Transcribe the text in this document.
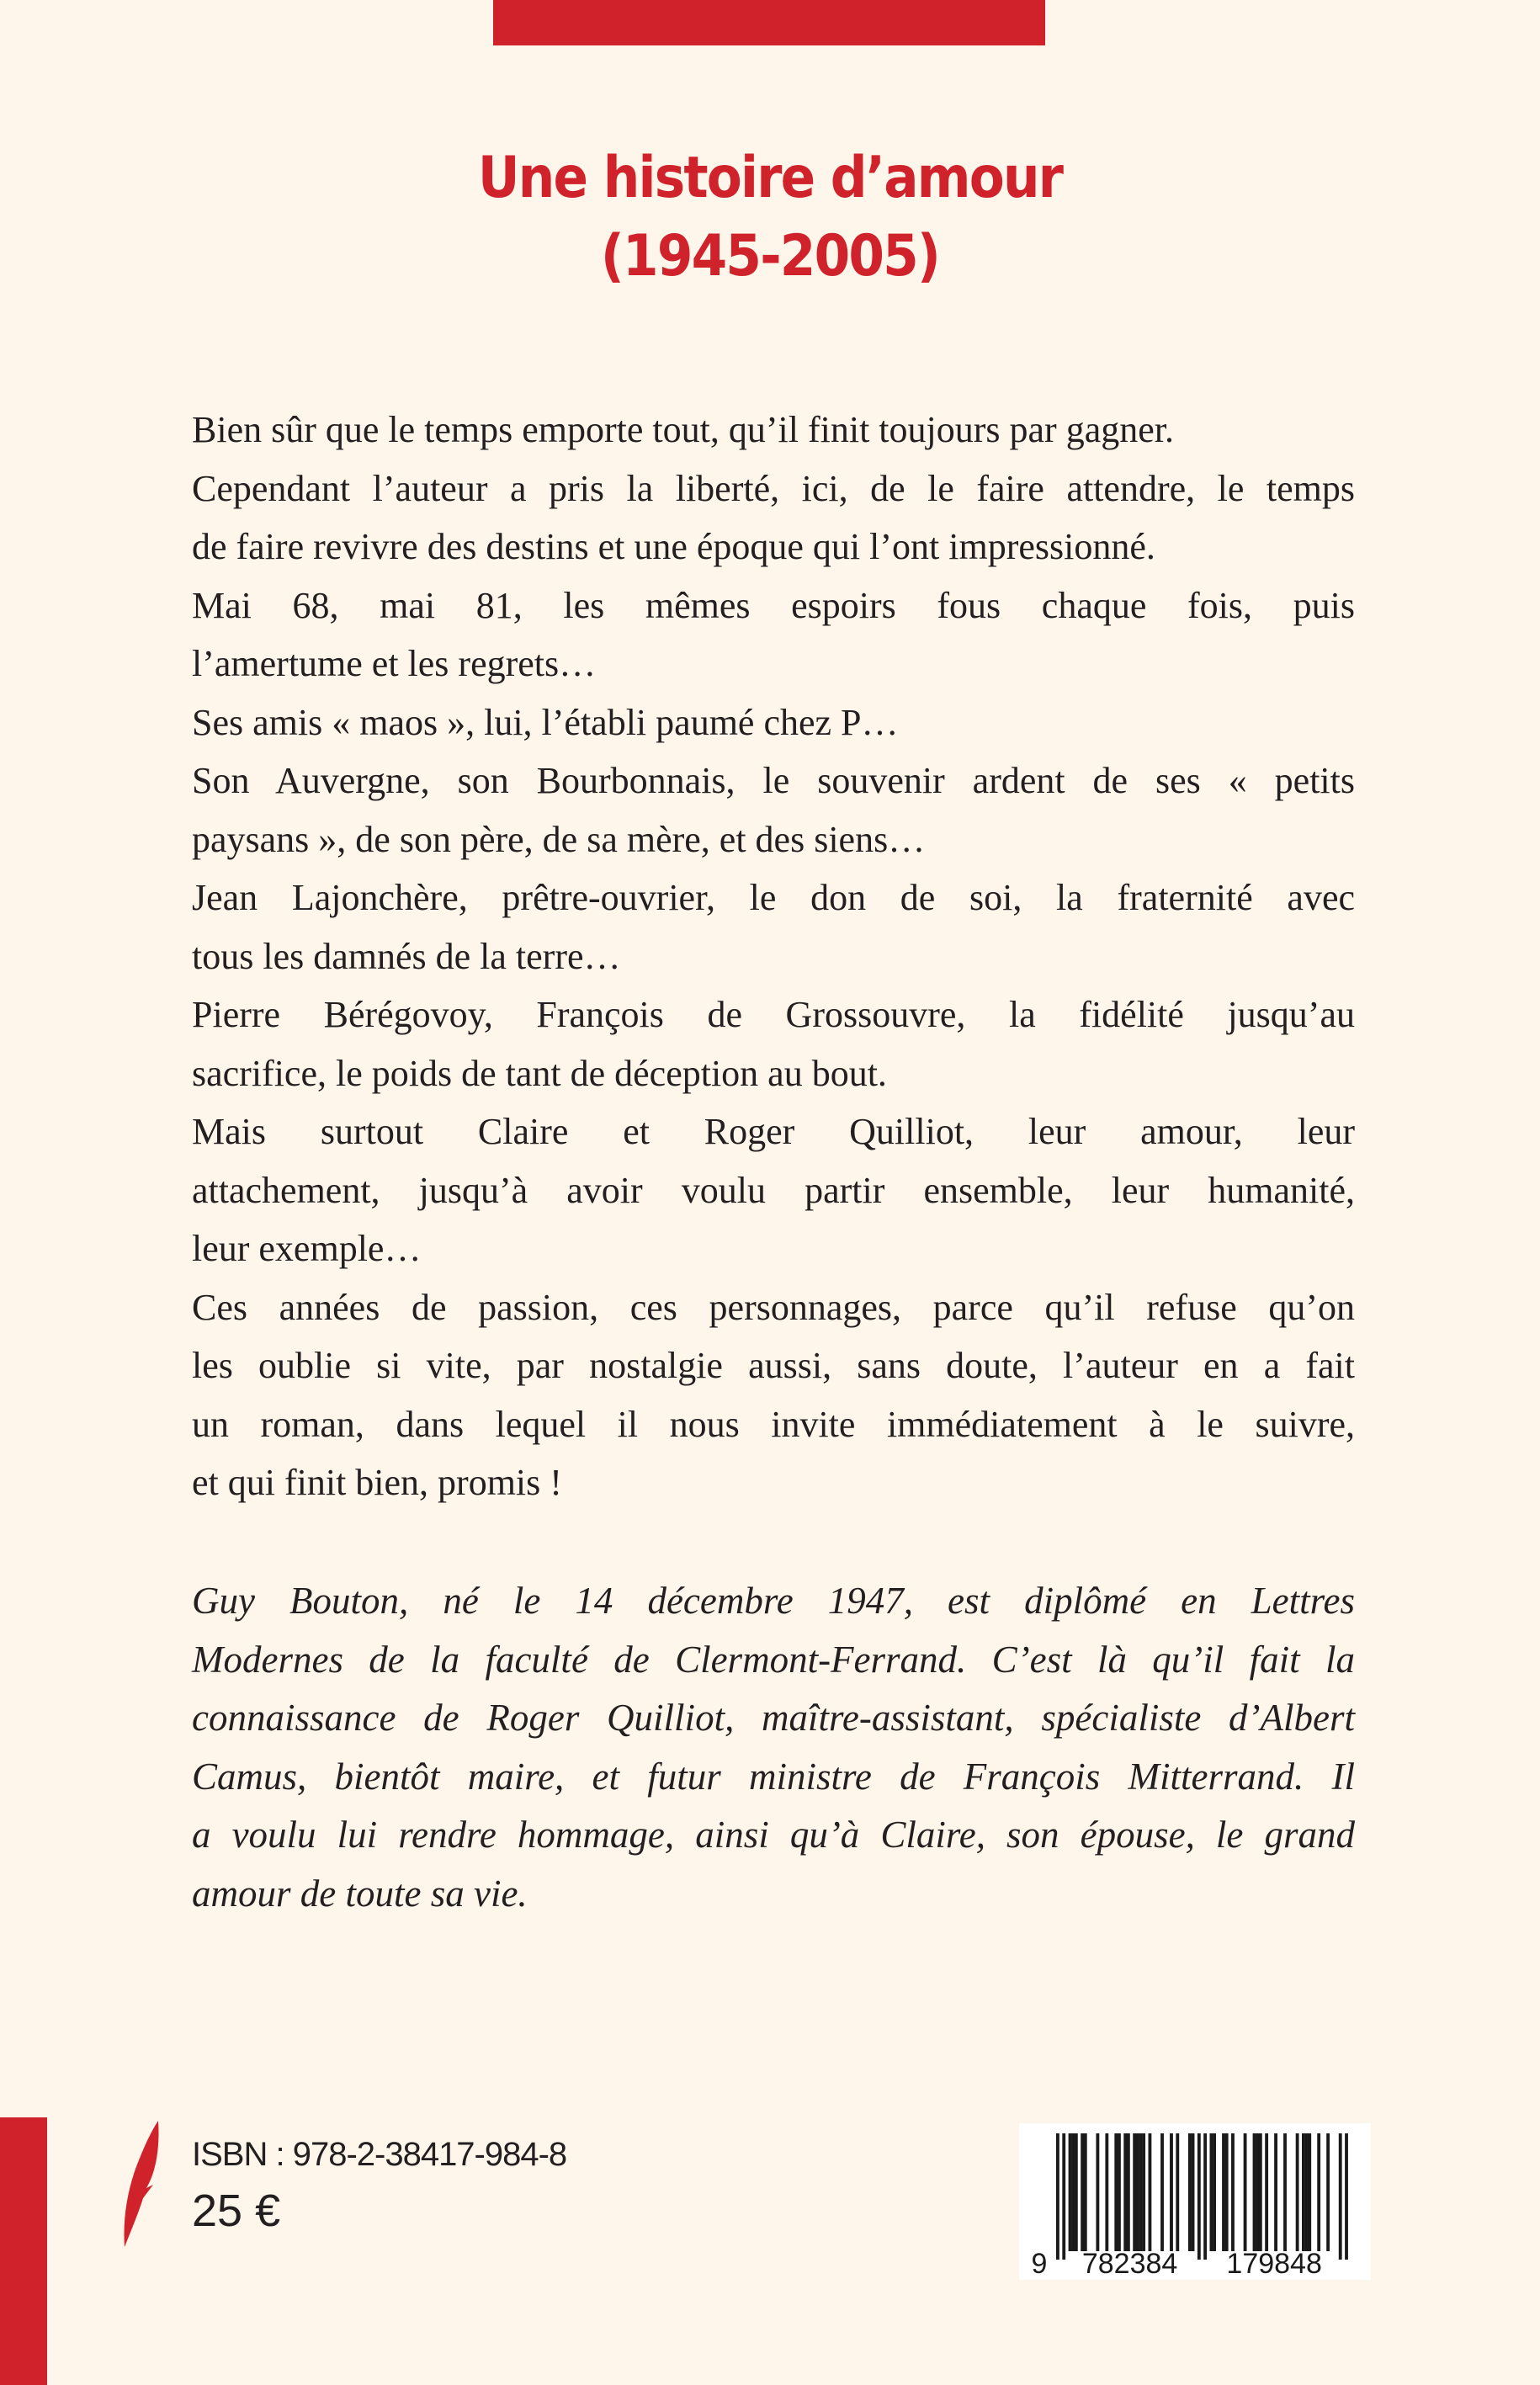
Une histoire d’amour
(1945-2005)
Bien sûr que le temps emporte tout, qu’il finit toujours par gagner.
Cependant l’auteur a pris la liberté, ici, de le faire attendre, le temps
de faire revivre des destins et une époque qui l’ont impressionné.
Mai 68, mai 81, les mêmes espoirs fous chaque fois, puis
l’amertume et les regrets…
Ses amis « maos », lui, l’établi paumé chez P…
Son Auvergne, son Bourbonnais, le souvenir ardent de ses « petits
paysans », de son père, de sa mère, et des siens…
Jean Lajonchère, prêtre-ouvrier, le don de soi, la fraternité avec
tous les damnés de la terre…
Pierre Bérégovoy, François de Grossouvre, la fidélité jusqu’au
sacrifice, le poids de tant de déception au bout.
Mais surtout Claire et Roger Quilliot, leur amour, leur
attachement, jusqu’à avoir voulu partir ensemble, leur humanité,
leur exemple…
Ces années de passion, ces personnages, parce qu’il refuse qu’on
les oublie si vite, par nostalgie aussi, sans doute, l’auteur en a fait
un roman, dans lequel il nous invite immédiatement à le suivre,
et qui finit bien, promis !
Guy Bouton, né le 14 décembre 1947, est diplômé en Lettres
Modernes de la faculté de Clermont-Ferrand. C’est là qu’il fait la
connaissance de Roger Quilliot, maître-assistant, spécialiste d’Albert
Camus, bientôt maire, et futur ministre de François Mitterrand. Il
a voulu lui rendre hommage, ainsi qu’à Claire, son épouse, le grand
amour de toute sa vie.
ISBN : 978-2-38417-984-8
25 €
9 782384 179848
